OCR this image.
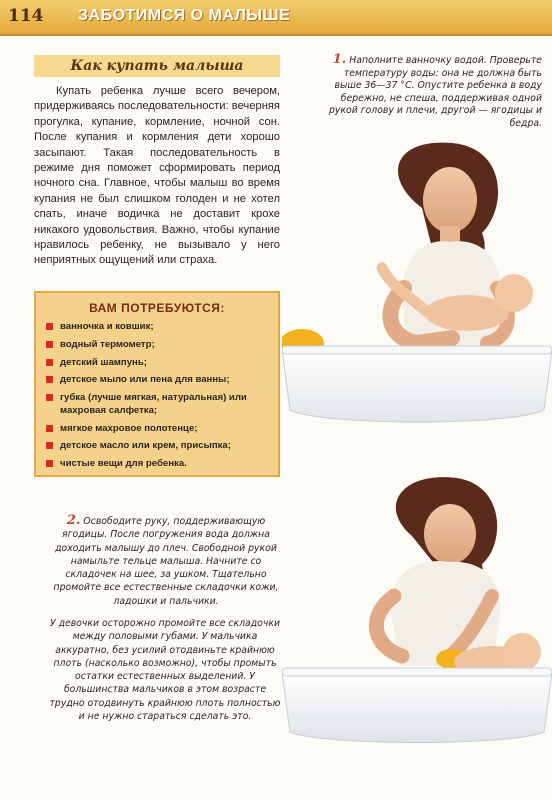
114 ЗАБОТИМСЯ О МАЛЫШЕ
Как купать малыша

Купать ребенка лучше всего вечером, придерживаясь последовательности: вечерняя прогулка, купание, кормление, ночной сон. После купания и кормления дети хорошо засыпают. Такая последовательность в режиме дня поможет сформировать период ночного сна. Главное, чтобы малыш во время купания не был слишком голоден и не хотел спать, иначе водичка не доставит крохе никакого удовольствия. Важно, чтобы купание нравилось ребенку, не вызывало у него неприятных ощущений или страха.

ВАМ ПОТРЕБУЮТСЯ:
ванночка и ковшик;
водный термометр;
детский шампунь;
детское мыло или пена для ванны;
губка (лучше мягкая, натуральная) или махровая салфетка;
мягкое махровое полотенце;
детское масло или крем, присыпка;
чистые вещи для ребенка.

1. Наполните ванночку водой. Проверьте температуру воды: она не должна быть выше 36—37 °С. Опустите ребенка в воду бережно, не спеша, поддерживая одной рукой голову и плечи, другой — ягодицы и бедра.

2. Освободите руку, поддерживающую ягодицы. После погружения вода должна доходить малышу до плеч. Свободной рукой намыльте тельце малыша. Начните со складочек на шее, за ушком. Тщательно промойте все естественные складочки кожи, ладошки и пальчики.

У девочки осторожно промойте все складочки между половыми губами. У мальчика аккуратно, без усилий отодвиньте крайнюю плоть (насколько возможно), чтобы промыть остатки естественных выделений. У большинства мальчиков в этом возрасте трудно отодвинуть крайнюю плоть полностью и не нужно стараться сделать это.
